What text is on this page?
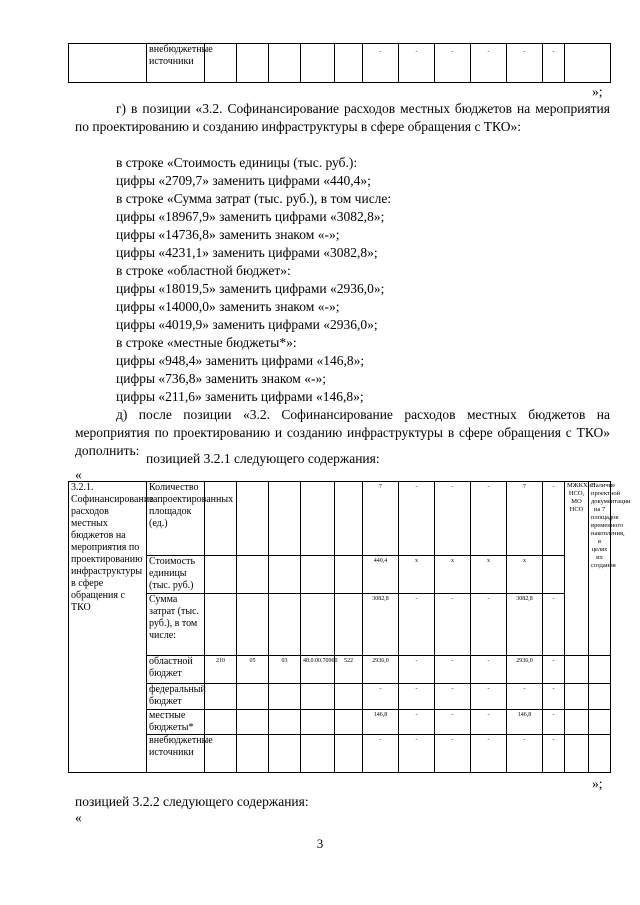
	внебюджетные источники						-	-	-	-	-	-	
»;
г) в позиции «3.2. Софинансирование расходов местных бюджетов на мероприятия по проектированию и созданию инфраструктуры в сфере обращения с ТКО»:
в строке «Стоимость единицы (тыс. руб.):
цифры «2709,7» заменить цифрами «440,4»;
в строке «Сумма затрат (тыс. руб.), в том числе:
цифры «18967,9» заменить цифрами «3082,8»;
цифры «14736,8» заменить знаком «-»;
цифры «4231,1» заменить цифрами «3082,8»;
в строке «областной бюджет»:
цифры «18019,5» заменить цифрами «2936,0»;
цифры «14000,0» заменить знаком «-»;
цифры «4019,9» заменить цифрами «2936,0»;
в строке «местные бюджеты*»:
цифры «948,4» заменить цифрами «146,8»;
цифры «736,8» заменить знаком «-»;
цифры «211,6» заменить цифрами «146,8»;
д) после позиции «3.2. Софинансирование расходов местных бюджетов на мероприятия по проектированию и созданию инфраструктуры в сфере обращения с ТКО» дополнить:
позицией 3.2.1 следующего содержания:
«
3.2.1. Софинансирование расходов местных бюджетов на мероприятия по проектированию инфраструктуры в сфере обращения с ТКО	Количество запроектированных площадок (ед.)						7	-	-	-	7	-	МЖКХиЭ НСО, МО НСО	Наличие проектной документации на 7 площадок временного накопления, в целях их создания
	Стоимость единицы (тыс. руб.)						440,4	х	х	х	х			
	Сумма затрат (тыс. руб.), в том числе:						3082,8	-	-	-	3082,8	-		
	областной бюджет	210	05	03	48.0.00.70960	522	2936,0	-	-	-	2936,0	-		
	федеральный бюджет						-	-	-	-	-	-		
	местные бюджеты*						146,8	-	-	-	146,8	-		
	внебюджетные источники						-	-	-	-	-	-		
»;
позицией 3.2.2 следующего содержания:
«
3
